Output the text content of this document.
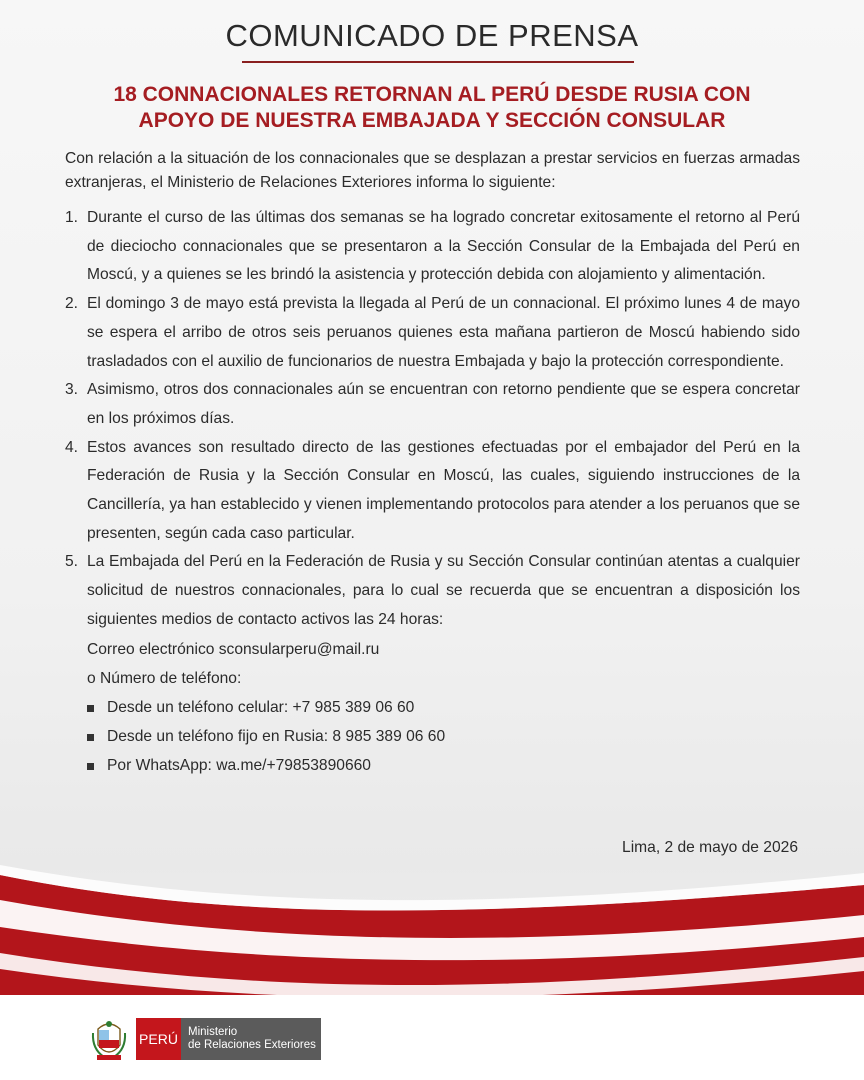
COMUNICADO DE PRENSA
18 CONNACIONALES RETORNAN AL PERÚ DESDE RUSIA CON
APOYO DE NUESTRA EMBAJADA Y SECCIÓN CONSULAR
Con relación a la situación de los connacionales que se desplazan a prestar servicios en fuerzas armadas extranjeras, el Ministerio de Relaciones Exteriores informa lo siguiente:
1. Durante el curso de las últimas dos semanas se ha logrado concretar exitosamente el retorno al Perú de dieciocho connacionales que se presentaron a la Sección Consular de la Embajada del Perú en Moscú, y a quienes se les brindó la asistencia y protección debida con alojamiento y alimentación.
2. El domingo 3 de mayo está prevista la llegada al Perú de un connacional. El próximo lunes 4 de mayo se espera el arribo de otros seis peruanos quienes esta mañana partieron de Moscú habiendo sido trasladados con el auxilio de funcionarios de nuestra Embajada y bajo la protección correspondiente.
3. Asimismo, otros dos connacionales aún se encuentran con retorno pendiente que se espera concretar en los próximos días.
4. Estos avances son resultado directo de las gestiones efectuadas por el embajador del Perú en la Federación de Rusia y la Sección Consular en Moscú, las cuales, siguiendo instrucciones de la Cancillería, ya han establecido y vienen implementando protocolos para atender a los peruanos que se presenten, según cada caso particular.
5. La Embajada del Perú en la Federación de Rusia y su Sección Consular continúan atentas a cualquier solicitud de nuestros connacionales, para lo cual se recuerda que se encuentran a disposición los siguientes medios de contacto activos las 24 horas:
Correo electrónico sconsularperu@mail.ru
o Número de teléfono:
Desde un teléfono celular: +7 985 389 06 60
Desde un teléfono fijo en Rusia: 8 985 389 06 60
Por WhatsApp: wa.me/+79853890660
Lima, 2 de mayo de 2026
PERÚ Ministerio
de Relaciones Exteriores
